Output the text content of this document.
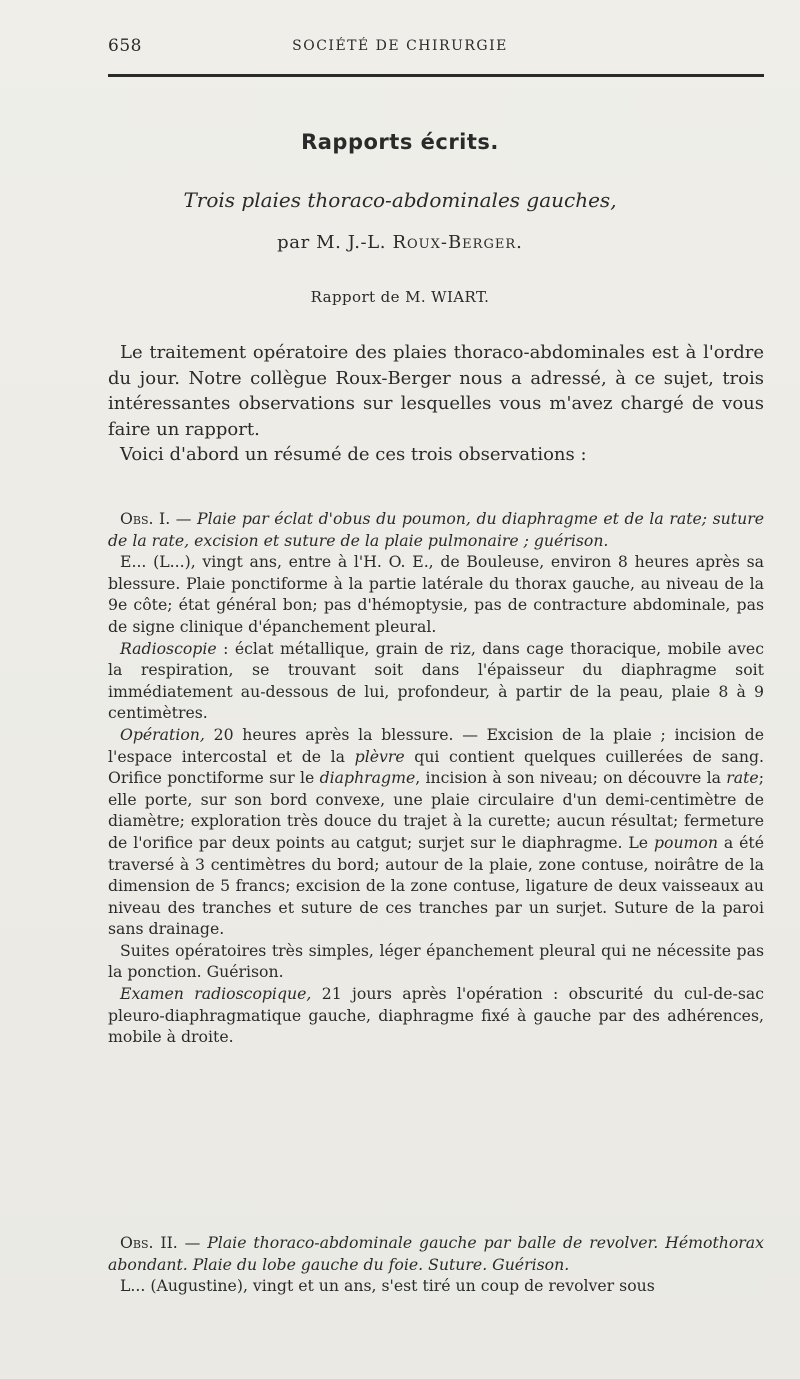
658	SOCIÉTÉ DE CHIRURGIE
Rapports écrits.
Trois plaies thoraco-abdominales gauches,
par M. J.-L. Roux-Berger.
Rapport de M. WIART.

Le traitement opératoire des plaies thoraco-abdominales est à l'ordre du jour. Notre collègue Roux-Berger nous a adressé, à ce sujet, trois intéressantes observations sur lesquelles vous m'avez chargé de vous faire un rapport.

Voici d'abord un résumé de ces trois observations :

Obs. I. — Plaie par éclat d'obus du poumon, du diaphragme et de la rate; suture de la rate, excision et suture de la plaie pulmonaire ; guérison.

E... (L...), vingt ans, entre à l'H. O. E., de Bouleuse, environ 8 heures après sa blessure. Plaie ponctiforme à la partie latérale du thorax gauche, au niveau de la 9e côte; état général bon; pas d'hémoptysie, pas de contracture abdominale, pas de signe clinique d'épanchement pleural.

Radioscopie : éclat métallique, grain de riz, dans cage thoracique, mobile avec la respiration, se trouvant soit dans l'épaisseur du diaphragme soit immédiatement au-dessous de lui, profondeur, à partir de la peau, plaie 8 à 9 centimètres.

Opération, 20 heures après la blessure. — Excision de la plaie ; incision de l'espace intercostal et de la plèvre qui contient quelques cuillerées de sang. Orifice ponctiforme sur le diaphragme, incision à son niveau; on découvre la rate; elle porte, sur son bord convexe, une plaie circulaire d'un demi-centimètre de diamètre; exploration très douce du trajet à la curette; aucun résultat; fermeture de l'orifice par deux points au catgut; surjet sur le diaphragme. Le poumon a été traversé à 3 centimètres du bord; autour de la plaie, zone contuse, noirâtre de la dimension de 5 francs; excision de la zone contuse, ligature de deux vaisseaux au niveau des tranches et suture de ces tranches par un surjet. Suture de la paroi sans drainage.

Suites opératoires très simples, léger épanchement pleural qui ne nécessite pas la ponction. Guérison.

Examen radioscopique, 21 jours après l'opération : obscurité du cul-de-sac pleuro-diaphragmatique gauche, diaphragme fixé à gauche par des adhérences, mobile à droite.

Obs. II. — Plaie thoraco-abdominale gauche par balle de revolver. Hémothorax abondant. Plaie du lobe gauche du foie. Suture. Guérison.

L... (Augustine), vingt et un ans, s'est tiré un coup de revolver sous
